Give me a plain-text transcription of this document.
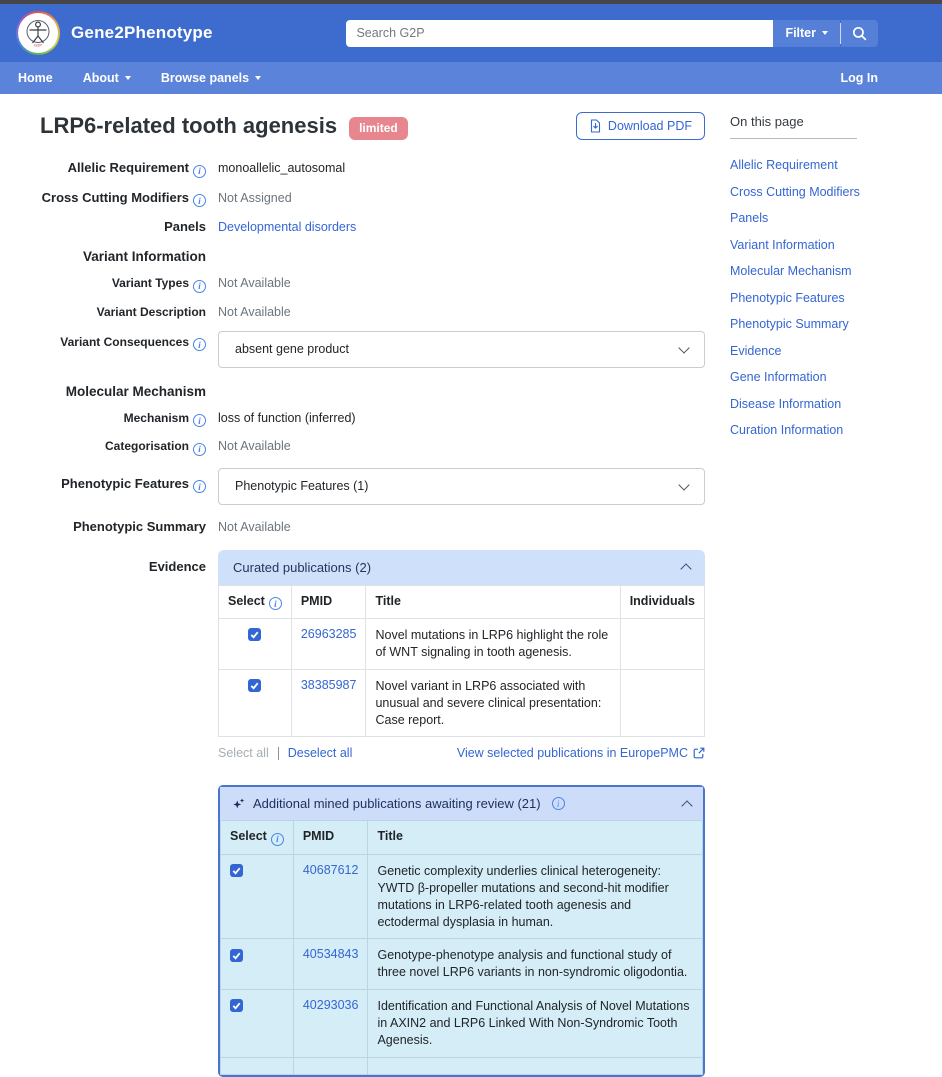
G2P
Gene2Phenotype
Search G2P	Filter
Home About	Browse panels	Log In
LRP6-related tooth agenesis	limited	Download PDF
Allelic Requirement i	monoallelic_autosomal
Cross Cutting Modifiers i	Not Assigned
Panels Developmental disorders
Variant Information
Variant Types i	Not Available
Variant Description Not Available
Variant Consequencesi
absent gene product
Molecular Mechanism
Mechanism i	loss of function (inferred)
Categorisation i	Not Available
Phenotypic Features i	Phenotypic Features (1)
Phenotypic Summary Not Available
Evidence Curated publications (2)
Selecti	PMID	Title	Individuals

	26963285	Novel mutations in LRP6 highlight the role of WNT signaling in tooth agenesis.	

	38385987	Novel variant in LRP6 associated with unusual and severe clinical presentation: Case report.	
Select all Deselect all	View selected publications in EuropePMC
Additional mined publications awaiting review (21)
i
Selecti	PMID	Title

	40687612	Genetic complexity underlies clinical heterogeneity: YWTD β-propeller mutations and second-hit modifier mutations in LRP6-related tooth agenesis and ectodermal dysplasia in human.

	40534843	Genotype-phenotype analysis and functional study of three novel LRP6 variants in non-syndromic oligodontia.

	40293036	Identification and Functional Analysis of Novel Mutations in AXIN2 and LRP6 Linked With Non-Syndromic Tooth Agenesis.

On this page
Allelic Requirement
Cross Cutting Modifiers
Panels
Variant Information
Molecular Mechanism
Phenotypic Features
Phenotypic Summary
Evidence
Gene Information
Disease Information
Curation Information
